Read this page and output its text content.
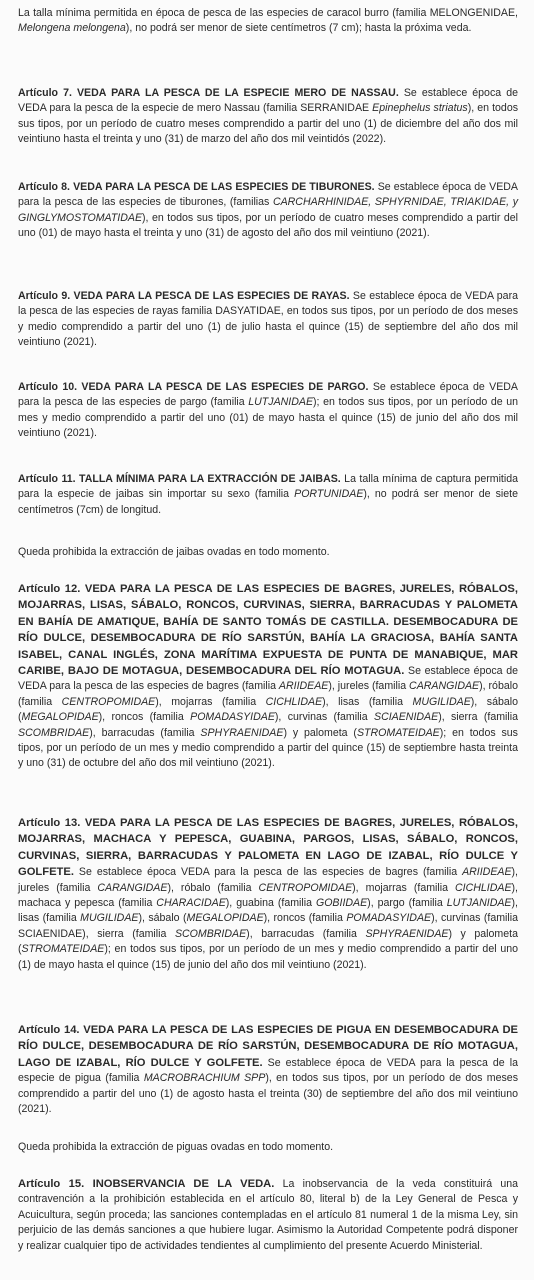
La talla mínima permitida en época de pesca de las especies de caracol burro (familia MELONGENIDAE, Melongena melongena), no podrá ser menor de siete centímetros (7 cm); hasta la próxima veda.

Artículo 7. VEDA PARA LA PESCA DE LA ESPECIE MERO DE NASSAU. Se establece época de VEDA para la pesca de la especie de mero Nassau (familia SERRANIDAE Epinephelus striatus), en todos sus tipos, por un período de cuatro meses comprendido a partir del uno (1) de diciembre del año dos mil veintiuno hasta el treinta y uno (31) de marzo del año dos mil veintidós (2022).

Artículo 8. VEDA PARA LA PESCA DE LAS ESPECIES DE TIBURONES. Se establece época de VEDA para la pesca de las especies de tiburones, (familias CARCHARHINIDAE, SPHYRNIDAE, TRIAKIDAE, y GINGLYMOSTOMATIDAE), en todos sus tipos, por un período de cuatro meses comprendido a partir del uno (01) de mayo hasta el treinta y uno (31) de agosto del año dos mil veintiuno (2021).

Artículo 9. VEDA PARA LA PESCA DE LAS ESPECIES DE RAYAS. Se establece época de VEDA para la pesca de las especies de rayas familia DASYATIDAE, en todos sus tipos, por un período de dos meses y medio comprendido a partir del uno (1) de julio hasta el quince (15) de septiembre del año dos mil veintiuno (2021).

Artículo 10. VEDA PARA LA PESCA DE LAS ESPECIES DE PARGO. Se establece época de VEDA para la pesca de las especies de pargo (familia LUTJANIDAE); en todos sus tipos, por un período de un mes y medio comprendido a partir del uno (01) de mayo hasta el quince (15) de junio del año dos mil veintiuno (2021).

Artículo 11. TALLA MÍNIMA PARA LA EXTRACCIÓN DE JAIBAS. La talla mínima de captura permitida para la especie de jaibas sin importar su sexo (familia PORTUNIDAE), no podrá ser menor de siete centímetros (7cm) de longitud.

Queda prohibida la extracción de jaibas ovadas en todo momento.

Artículo 12. VEDA PARA LA PESCA DE LAS ESPECIES DE BAGRES, JURELES, RÓBALOS, MOJARRAS, LISAS, SÁBALO, RONCOS, CURVINAS, SIERRA, BARRACUDAS Y PALOMETA EN BAHÍA DE AMATIQUE, BAHÍA DE SANTO TOMÁS DE CASTILLA. DESEMBOCADURA DE RÍO DULCE, DESEMBOCADURA DE RÍO SARSTÚN, BAHÍA LA GRACIOSA, BAHÍA SANTA ISABEL, CANAL INGLÉS, ZONA MARÍTIMA EXPUESTA DE PUNTA DE MANABIQUE, MAR CARIBE, BAJO DE MOTAGUA, DESEMBOCADURA DEL RÍO MOTAGUA. Se establece época de VEDA para la pesca de las especies de bagres (familia ARIIDEAE), jureles (familia CARANGIDAE), róbalo (familia CENTROPOMIDAE), mojarras (familia CICHLIDAE), lisas (familia MUGILIDAE), sábalo (MEGALOPIDAE), roncos (familia POMADASYIDAE), curvinas (familia SCIAENIDAE), sierra (familia SCOMBRIDAE), barracudas (familia SPHYRAENIDAE) y palometa (STROMATEIDAE); en todos sus tipos, por un período de un mes y medio comprendido a partir del quince (15) de septiembre hasta treinta y uno (31) de octubre del año dos mil veintiuno (2021).

Artículo 13. VEDA PARA LA PESCA DE LAS ESPECIES DE BAGRES, JURELES, RÓBALOS, MOJARRAS, MACHACA Y PEPESCA, GUABINA, PARGOS, LISAS, SÁBALO, RONCOS, CURVINAS, SIERRA, BARRACUDAS Y PALOMETA EN LAGO DE IZABAL, RÍO DULCE Y GOLFETE. Se establece época VEDA para la pesca de las especies de bagres (familia ARIIDEAE), jureles (familia CARANGIDAE), róbalo (familia CENTROPOMIDAE), mojarras (familia CICHLIDAE), machaca y pepesca (familia CHARACIDAE), guabina (familia GOBIIDAE), pargo (familia LUTJANIDAE), lisas (familia MUGILIDAE), sábalo (MEGALOPIDAE), roncos (familia POMADASYIDAE), curvinas (familia SCIAENIDAE), sierra (familia SCOMBRIDAE), barracudas (familia SPHYRAENIDAE) y palometa (STROMATEIDAE); en todos sus tipos, por un período de un mes y medio comprendido a partir del uno (1) de mayo hasta el quince (15) de junio del año dos mil veintiuno (2021).

Artículo 14. VEDA PARA LA PESCA DE LAS ESPECIES DE PIGUA EN DESEMBOCADURA DE RÍO DULCE, DESEMBOCADURA DE RÍO SARSTÚN, DESEMBOCADURA DE RÍO MOTAGUA, LAGO DE IZABAL, RÍO DULCE Y GOLFETE. Se establece época de VEDA para la pesca de la especie de pigua (familia MACROBRACHIUM SPP), en todos sus tipos, por un período de dos meses comprendido a partir del uno (1) de agosto hasta el treinta (30) de septiembre del año dos mil veintiuno (2021).

Queda prohibida la extracción de piguas ovadas en todo momento.

Artículo 15. INOBSERVANCIA DE LA VEDA. La inobservancia de la veda constituirá una contravención a la prohibición establecida en el artículo 80, literal b) de la Ley General de Pesca y Acuicultura, según proceda; las sanciones contempladas en el artículo 81 numeral 1 de la misma Ley, sin perjuicio de las demás sanciones a que hubiere lugar. Asimismo la Autoridad Competente podrá disponer y realizar cualquier tipo de actividades tendientes al cumplimiento del presente Acuerdo Ministerial.
